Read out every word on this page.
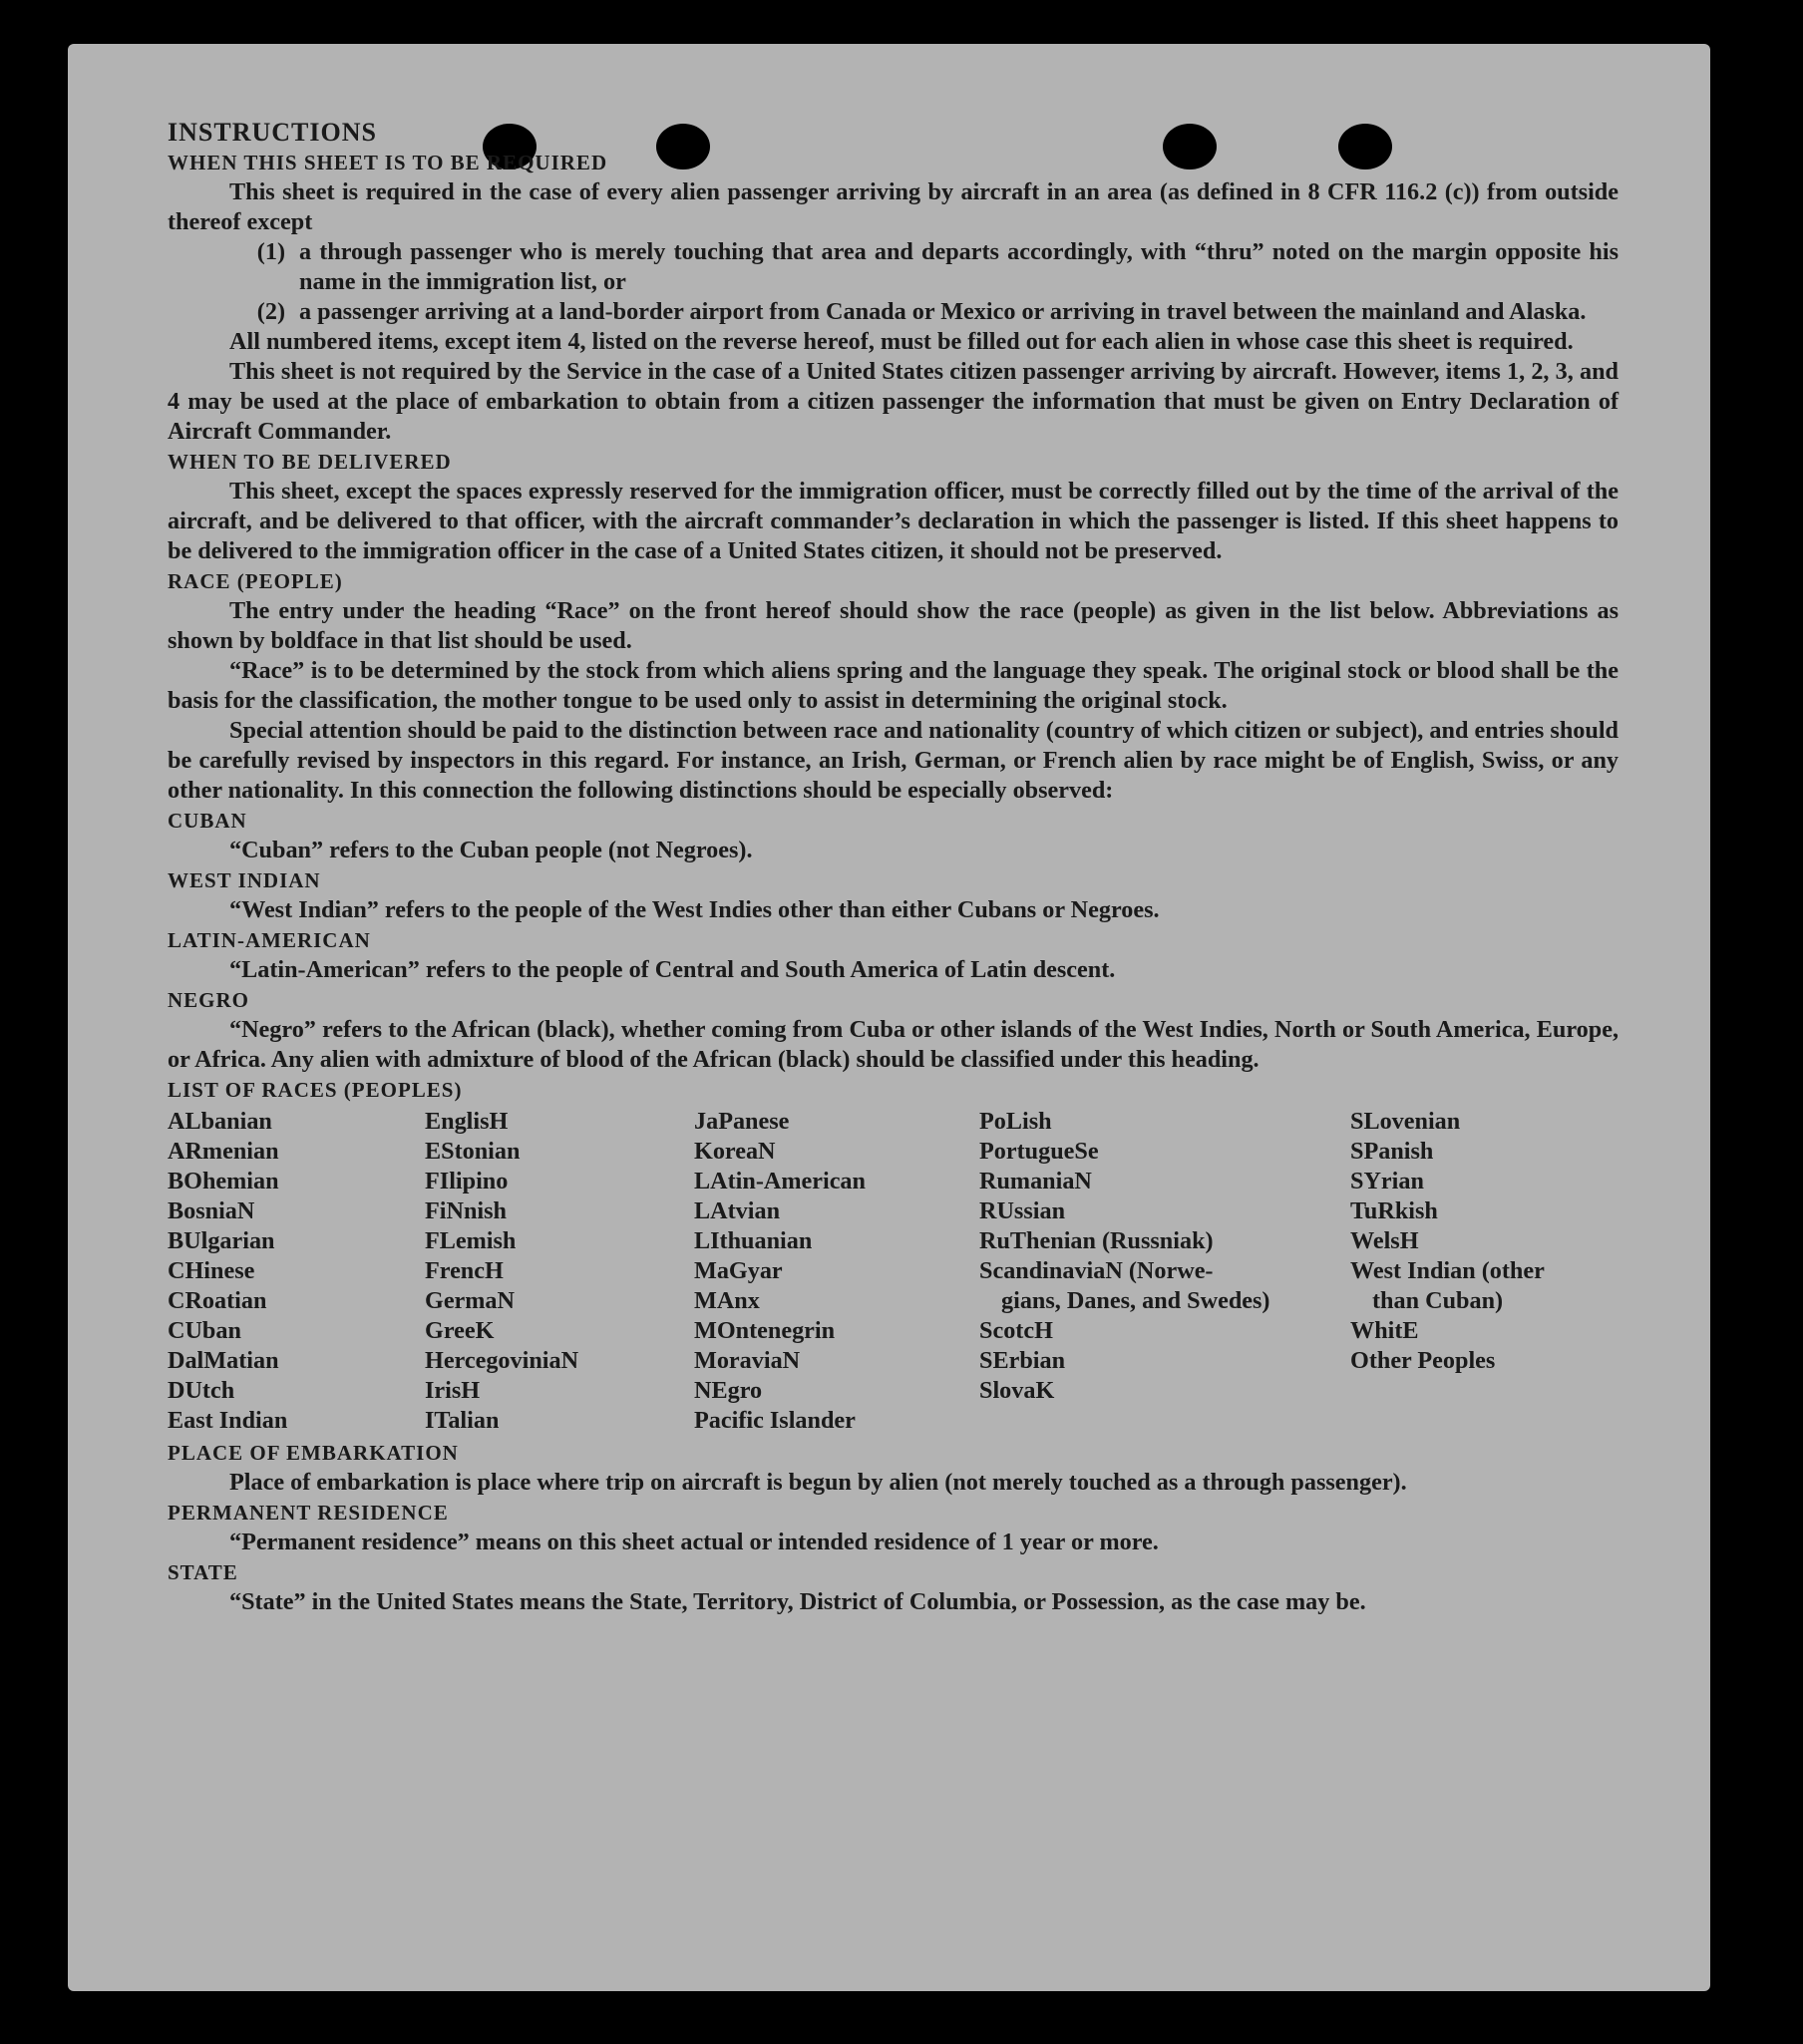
INSTRUCTIONS

WHEN THIS SHEET IS TO BE REQUIRED

This sheet is required in the case of every alien passenger arriving by aircraft in an area (as defined in 8 CFR 116.2 (c)) from outside thereof except

(1) a through passenger who is merely touching that area and departs accordingly, with “thru” noted on the margin opposite his name in the immigration list, or
(2) a passenger arriving at a land-border airport from Canada or Mexico or arriving in travel between the mainland and Alaska.

All numbered items, except item 4, listed on the reverse hereof, must be filled out for each alien in whose case this sheet is required.

This sheet is not required by the Service in the case of a United States citizen passenger arriving by aircraft. However, items 1, 2, 3, and 4 may be used at the place of embarkation to obtain from a citizen passenger the information that must be given on Entry Declaration of Aircraft Commander.

WHEN TO BE DELIVERED

This sheet, except the spaces expressly reserved for the immigration officer, must be correctly filled out by the time of the arrival of the aircraft, and be delivered to that officer, with the aircraft commander’s declaration in which the passenger is listed. If this sheet happens to be delivered to the immigration officer in the case of a United States citizen, it should not be preserved.

RACE (PEOPLE)

The entry under the heading “Race” on the front hereof should show the race (people) as given in the list below. Abbreviations as shown by boldface in that list should be used.

“Race” is to be determined by the stock from which aliens spring and the language they speak. The original stock or blood shall be the basis for the classification, the mother tongue to be used only to assist in determining the original stock.

Special attention should be paid to the distinction between race and nationality (country of which citizen or subject), and entries should be carefully revised by inspectors in this regard. For instance, an Irish, German, or French alien by race might be of English, Swiss, or any other nationality. In this connection the following distinctions should be especially observed:

CUBAN

“Cuban” refers to the Cuban people (not Negroes).

WEST INDIAN

“West Indian” refers to the people of the West Indies other than either Cubans or Negroes.

LATIN-AMERICAN

“Latin-American” refers to the people of Central and South America of Latin descent.

NEGRO

“Negro” refers to the African (black), whether coming from Cuba or other islands of the West Indies, North or South America, Europe, or Africa. Any alien with admixture of blood of the African (black) should be classified under this heading.

LIST OF RACES (PEOPLES)

ALbanian
ARmenian
BOhemian
BosniaN
BUlgarian
CHinese
CRoatian
CUban
DalMatian
DUtch
East Indian
EnglisH
EStonian
FIlipino
FiNnish
FLemish
FrencH
GermaN
GreeK
HercegoviniaN
IrisH
ITalian
JaPanese
KoreaN
LAtin-American
LAtvian
LIthuanian
MaGyar
MAnx
MOntenegrin
MoraviaN
NEgro
Pacific Islander
PoLish
PortugueSe
RumaniaN
RUssian
RuThenian (Russniak)
ScandinaviaN (Norwe-
gians, Danes, and Swedes)
ScotcH
SErbian
SlovaK
SLovenian
SPanish
SYrian
TuRkish
WelsH
West Indian (other
than Cuban)
WhitE
Other Peoples

PLACE OF EMBARKATION

Place of embarkation is place where trip on aircraft is begun by alien (not merely touched as a through passenger).

PERMANENT RESIDENCE

“Permanent residence” means on this sheet actual or intended residence of 1 year or more.

STATE

“State” in the United States means the State, Territory, District of Columbia, or Possession, as the case may be.
